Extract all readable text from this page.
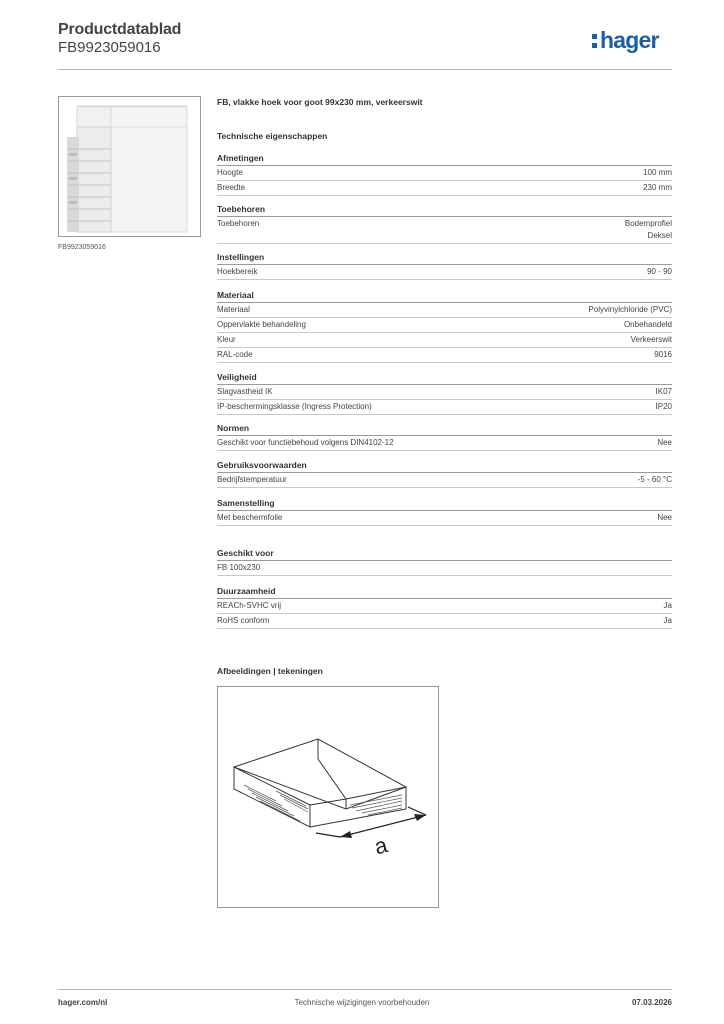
Productdatablad
FB9923059016	hager
FB9923059016
FB, vlakke hoek voor goot 99x230 mm, verkeerswit
Technische eigenschappen
Afmetingen
Hoogte	100 mm
Breedte	230 mm
Toebehoren
Toebehoren	Bodemprofiel
Deksel
Instellingen
Hoekbereik	90 - 90
Materiaal
Materiaal	Polyvinylchloride (PVC)
Oppervlakte behandeling	Onbehandeld
Kleur	Verkeerswit
RAL-code	9016
Veiligheid
Slagvastheid IK	IK07
IP-beschermingsklasse (Ingress Protection)	IP20
Normen
Geschikt voor functiebehoud volgens DIN4102-12	Nee
Gebruiksvoorwaarden
Bedrijfstemperatuur	-5 - 60 °C
Samenstelling
Met beschermfolie	Nee
Geschikt voor
FB 100x230
Duurzaamheid
REACh-SVHC vrij	Ja
RoHS conform	Ja
Afbeeldingen | tekeningen
a
hager.com/nl	Technische wijzigingen voorbehouden	07.03.2026
